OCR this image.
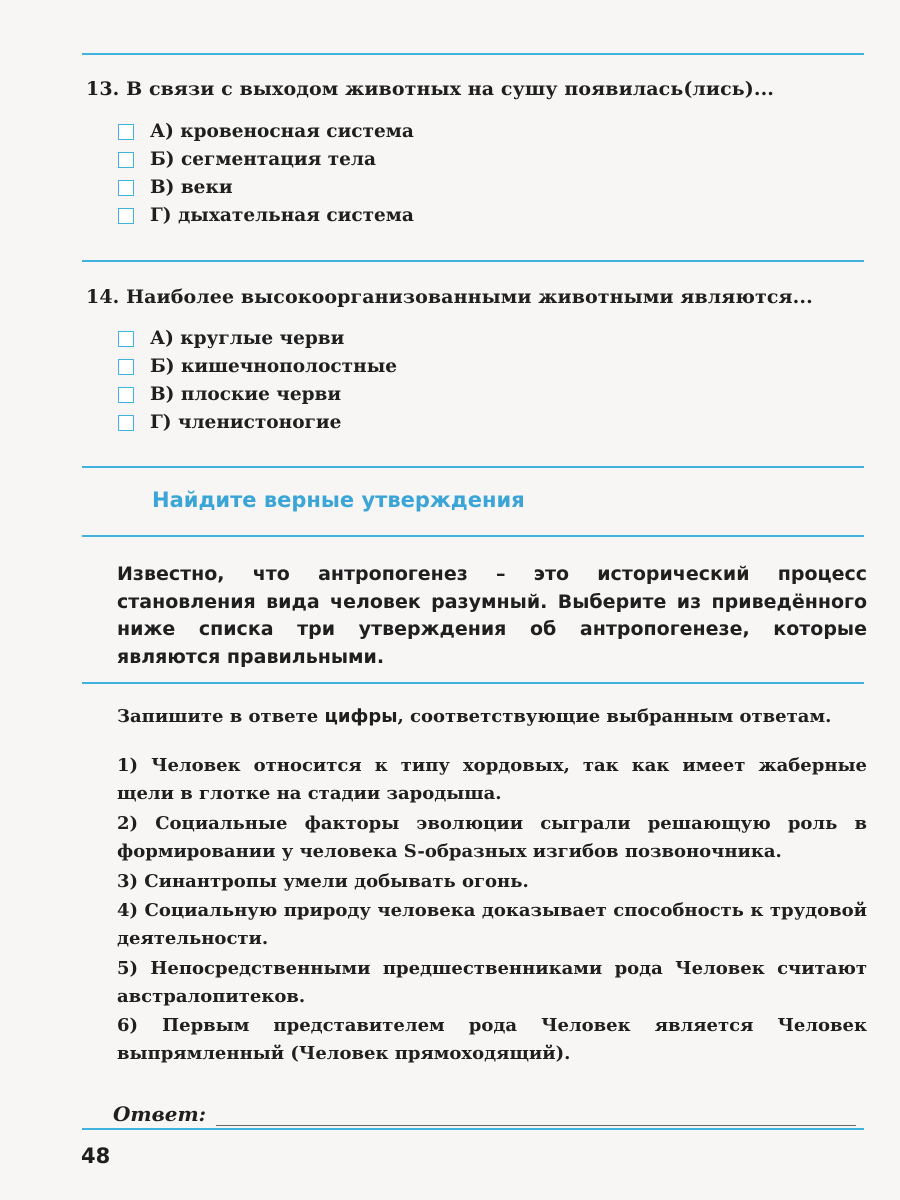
13. В связи с выходом животных на сушу появилась(лись)...
А) кровеносная система
Б) сегментация тела
В) веки
Г) дыхательная система
14. Наиболее высокоорганизованными животными являются...
А) круглые черви
Б) кишечнополостные
В) плоские черви
Г) членистоногие
Найдите верные утверждения
Известно, что антропогенез – это исторический процесс становления вида человек разумный. Выберите из приведённого ниже списка три утверждения об антропогенезе, которые являются правильными.
Запишите в ответе цифры, соответствующие выбранным ответам.
1) Человек относится к типу хордовых, так как имеет жаберные щели в глотке на стадии зародыша.
2) Социальные факторы эволюции сыграли решающую роль в формировании у человека S-образных изгибов позвоночника.
3) Синантропы умели добывать огонь.
4) Социальную природу человека доказывает способность к трудовой деятельности.
5) Непосредственными предшественниками рода Человек считают австралопитеков.
6) Первым представителем рода Человек является Человек выпрямленный (Человек прямоходящий).
Ответ:
48
